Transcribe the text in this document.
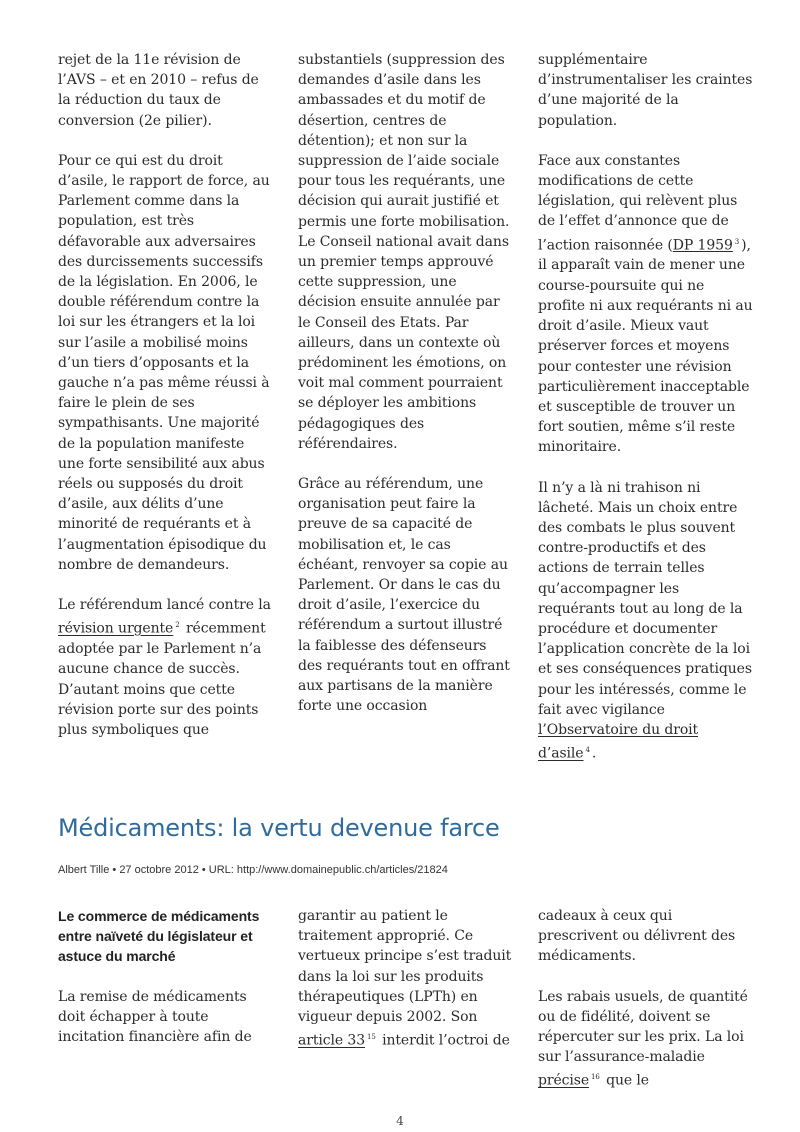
rejet de la 11e révision de l’AVS – et en 2010 – refus de la réduction du taux de conversion (2e pilier).

Pour ce qui est du droit d’asile, le rapport de force, au Parlement comme dans la population, est très défavorable aux adversaires des durcissements successifs de la législation. En 2006, le double référendum contre la loi sur les étrangers et la loi sur l’asile a mobilisé moins d’un tiers d’opposants et la gauche n’a pas même réussi à faire le plein de ses sympathisants. Une majorité de la population manifeste une forte sensibilité aux abus réels ou supposés du droit d’asile, aux délits d’une minorité de requérants et à l’augmentation épisodique du nombre de demandeurs.

Le référendum lancé contre la révision urgente $^2$ récemment adoptée par le Parlement n’a aucune chance de succès. D’autant moins que cette révision porte sur des points plus symboliques que

substantiels (suppression des demandes d’asile dans les ambassades et du motif de désertion, centres de détention); et non sur la suppression de l’aide sociale pour tous les requérants, une décision qui aurait justifié et permis une forte mobilisation. Le Conseil national avait dans un premier temps approuvé cette suppression, une décision ensuite annulée par le Conseil des Etats. Par ailleurs, dans un contexte où prédominent les émotions, on voit mal comment pourraient se déployer les ambitions pédagogiques des référendaires.

Grâce au référendum, une organisation peut faire la preuve de sa capacité de mobilisation et, le cas échéant, renvoyer sa copie au Parlement. Or dans le cas du droit d’asile, l’exercice du référendum a surtout illustré la faiblesse des défenseurs des requérants tout en offrant aux partisans de la manière forte une occasion

supplémentaire d’instrumentaliser les craintes d’une majorité de la population.

Face aux constantes modifications de cette législation, qui relèvent plus de l’effet d’annonce que de l’action raisonnée (DP 1959 $^3$ ), il apparaît vain de mener une course-poursuite qui ne profite ni aux requérants ni au droit d’asile. Mieux vaut préserver forces et moyens pour contester une révision particulièrement inacceptable et susceptible de trouver un fort soutien, même s’il reste minoritaire.

Il n’y a là ni trahison ni lâcheté. Mais un choix entre des combats le plus souvent contre-productifs et des actions de terrain telles qu’accompagner les requérants tout au long de la procédure et documenter l’application concrète de la loi et ses conséquences pratiques pour les intéressés, comme le fait avec vigilance l’Observatoire du droit d’asile $^4$ .

Médicaments: la vertu devenue farce

Albert Tille • 27 octobre 2012 • URL: http://www.domainepublic.ch/articles/21824

Le commerce de médicaments entre naïveté du législateur et astuce du marché

La remise de médicaments doit échapper à toute incitation financière afin de

garantir au patient le traitement approprié. Ce vertueux principe s’est traduit dans la loi sur les produits thérapeutiques (LPTh) en vigueur depuis 2002. Son article 33 $^{15}$ interdit l’octroi de

cadeaux à ceux qui prescrivent ou délivrent des médicaments.

Les rabais usuels, de quantité ou de fidélité, doivent se répercuter sur les prix. La loi sur l’assurance-maladie précise $^{16}$ que le

4
